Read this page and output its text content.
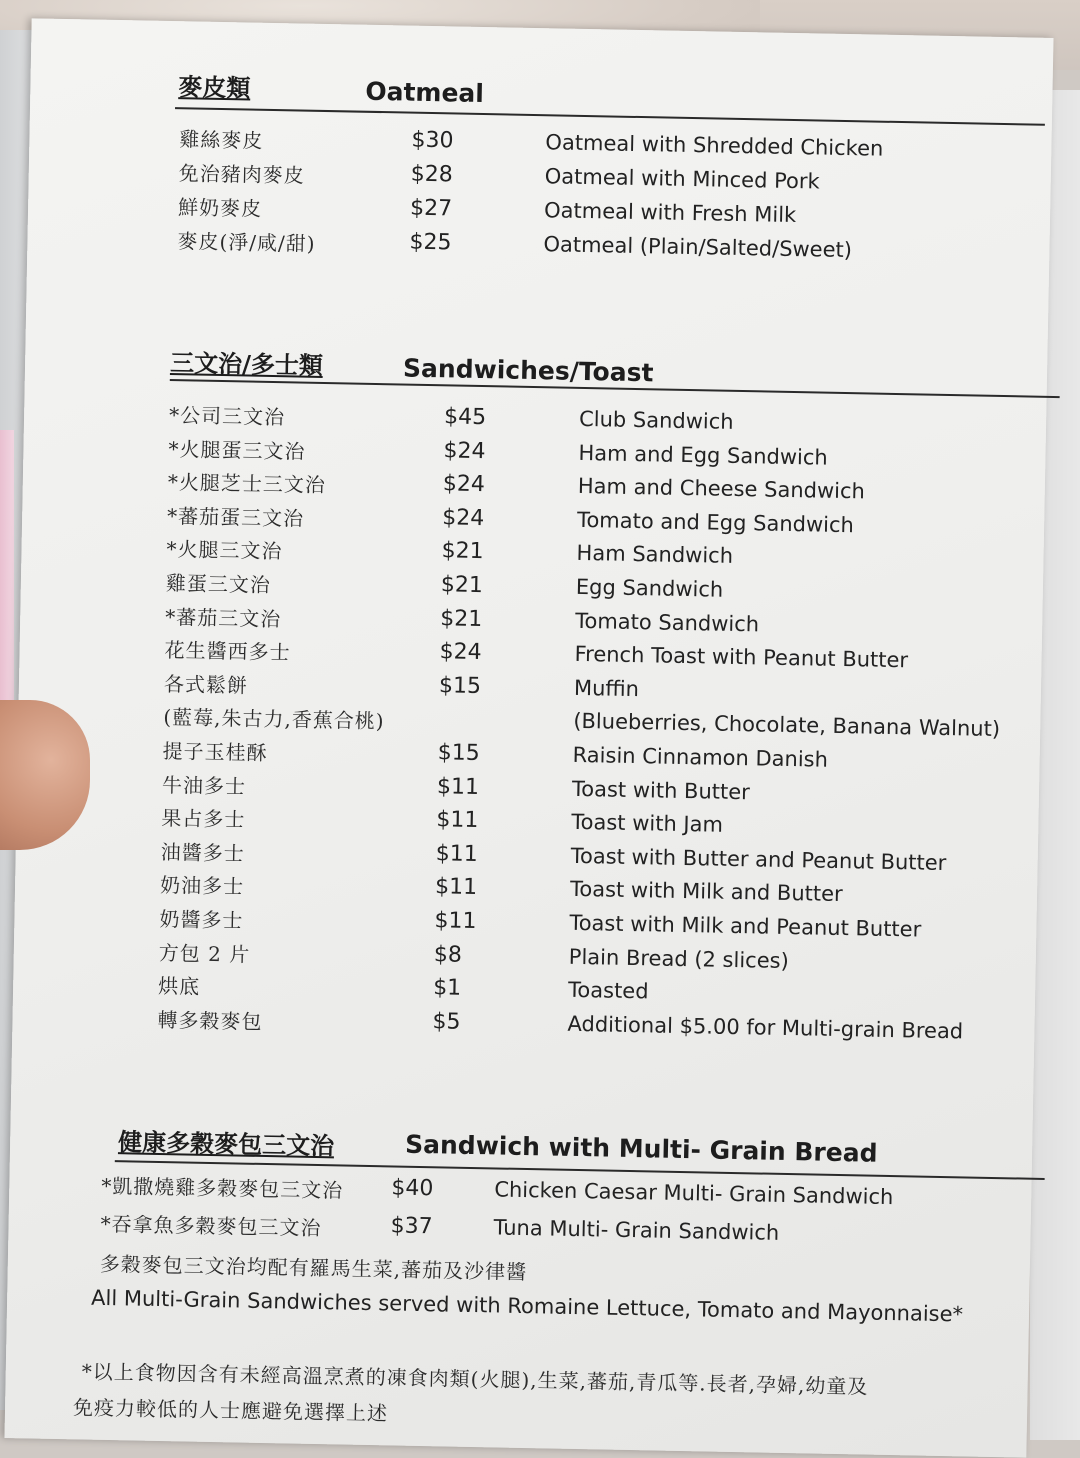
麥皮類	Oatmeal
雞絲麥皮	$30	Oatmeal with Shredded Chicken
免治豬肉麥皮	$28	Oatmeal with Minced Pork
鮮奶麥皮	$27	Oatmeal with Fresh Milk
麥皮(淨/咸/甜)	$25	Oatmeal (Plain/Salted/Sweet)
三文治/多士類	Sandwiches/Toast
*公司三文治	$45	Club Sandwich
*火腿蛋三文治	$24	Ham and Egg Sandwich
*火腿芝士三文治	$24	Ham and Cheese Sandwich
*蕃茄蛋三文治	$24	Tomato and Egg Sandwich
*火腿三文治	$21	Ham Sandwich
雞蛋三文治	$21	Egg Sandwich
*蕃茄三文治	$21	Tomato Sandwich
花生醬西多士	$24	French Toast with Peanut Butter
各式鬆餅	$15	Muffin
(藍莓,朱古力,香蕉合桃)	(Blueberries, Chocolate, Banana Walnut)
提子玉桂酥	$15	Raisin Cinnamon Danish
牛油多士	$11	Toast with Butter
果占多士	$11	Toast with Jam
油醬多士	$11	Toast with Butter and Peanut Butter
奶油多士	$11	Toast with Milk and Butter
奶醬多士	$11	Toast with Milk and Peanut Butter
方包 2 片	$8	Plain Bread (2 slices)
烘底	$1	Toasted
轉多穀麥包	$5	Additional $5.00 for Multi-grain Bread
健康多穀麥包三文治	Sandwich with Multi- Grain Bread
*凱撒燒雞多穀麥包三文治 $40	Chicken Caesar Multi- Grain Sandwich
*吞拿魚多穀麥包三文治	$37	Tuna Multi- Grain Sandwich
多穀麥包三文治均配有羅馬生菜,蕃茄及沙律醬
All Multi-Grain Sandwiches served with Romaine Lettuce, Tomato and Mayonnaise*
*以上食物因含有未經高溫烹煮的凍食肉類(火腿),生菜,蕃茄,青瓜等.長者,孕婦,幼童及
免疫力較低的人士應避免選擇上述
